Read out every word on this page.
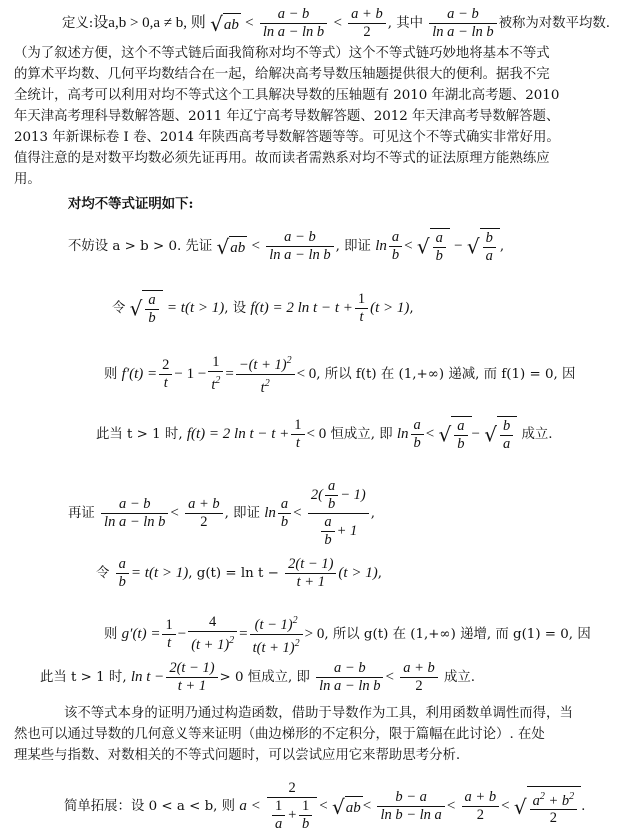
定义:设a,b > 0,a ≠ b, 则 $√ab < \frac{a - b}{\text{ln a − ln b}} < \frac{a + b}{2}$ , 其中 $\frac{a - b}{\text{ln a − ln b}}$ 被称为对数平均数.
（为了叙述方便，这个不等式链后面我简称对均不等式）这个不等式链巧妙地将基本不等式
的算术平均数、几何平均数结合在一起，给解决高考导数压轴题提供很大的便利。据我不完
全统计，高考可以利用对均不等式这个工具解决导数的压轴题有 2010 年湖北高考题、2010
年天津高考理科导数解答题、2011 年辽宁高考导数解答题、2012 年天津高考导数解答题、
2013 年新课标卷 I 卷、2014 年陕西高考导数解答题等等。可见这个不等式确实非常好用。
值得注意的是对数平均数必须先证再用。故而读者需熟系对均不等式的证法原理方能熟练应
用。
对均不等式证明如下:
不妨设 a > b > 0. 先证 $√ab < \frac{a - b}{\text{ln a − ln b}}$ , 即证 $\ln \frac{a}{b}$ < √ $\frac{a}{b}$ − √ $\frac{b}{a}$ ,
令 √ $\frac{a}{b} = t(t > 1)$, 设 f(t) = 2 $\ln t - t + \frac{1}{t} (t > 1)$,
则 $f'(t) = \frac{2}{t} - 1 - \frac{1}{t^2} = \frac{-(t + 1)^2}{t^2} < 0$, 所以 f(t) 在 (1,+∞) 递减, 而 f(1) = 0, 因
此当 t > 1 时, f(t) = 2 $\ln t - t + \frac{1}{t} < 0$ 恒成立, 即 $\ln \frac{a}{b}$ < √ $\frac{a}{b}$ − √ $\frac{b}{a}$ 成立.
再证 $\frac{a - b}{\text{ln a − ln b}} < \frac{a + b}{2}$ , 即证 $\ln \frac{a}{b} < \frac{2( \frac{a}{b} - 1)}{\frac{a}{b} + 1}$ ,
令 $\frac{a}{b} = t(t > 1)$, $g(t) = \ln t - \frac{2(t - 1)}{t + 1} (t > 1)$,
则 $g'(t) = \frac{1}{t} - \frac{4}{(t + 1)^2} = \frac{(t - 1)^2}{t(t + 1)^2} > 0$, 所以 g(t) 在 (1,+∞) 递增, 而 g(1) = 0, 因
此当 t > 1 时, $\ln t - \frac{2(t - 1)}{t + 1} > 0$ 恒成立, 即 $\frac{a - b}{\text{ln a − ln b}} < \frac{a + b}{2}$ 成立.
该不等式本身的证明乃通过构造函数，借助于导数作为工具，利用函数单调性而得，当
然也可以通过导数的几何意义等来证明（曲边梯形的不定积分，限于篇幅在此讨论）. 在处
理某些与指数、对数相关的不等式问题时，可以尝试应用它来帮助思考分析.
简单拓展：设 0 < a < b, 则 $a < \frac{2}{\frac{1}{a} + \frac{1}{b}} < √ab < \frac{b - a}{\text{ln b − ln a}} < \frac{a + b}{2}$ < √ $\frac{a^2 + b^2}{2}$ .
